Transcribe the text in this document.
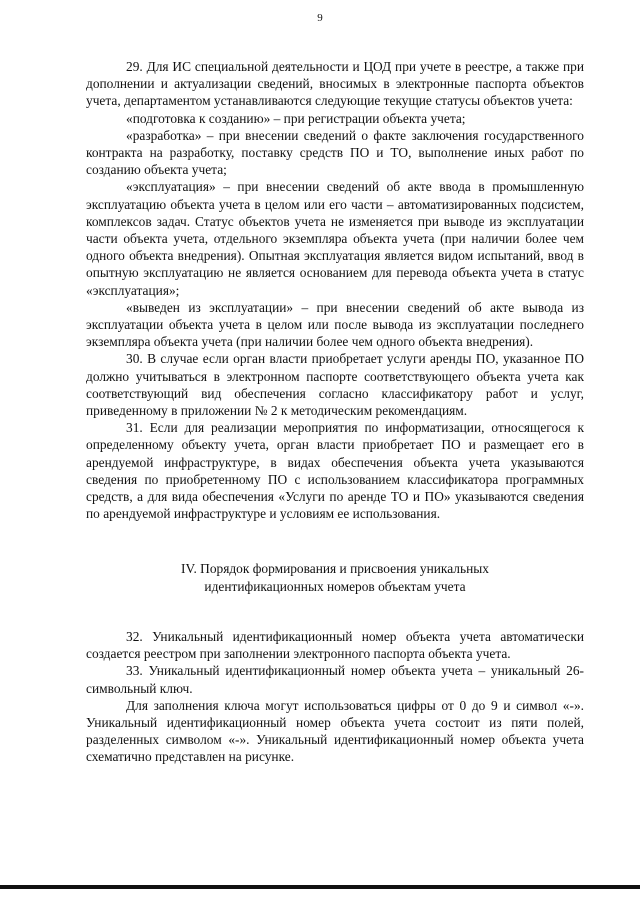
9

29. Для ИС специальной деятельности и ЦОД при учете в реестре, а также при дополнении и актуализации сведений, вносимых в электронные паспорта объектов учета, департаментом устанавливаются следующие текущие статусы объектов учета:

«подготовка к созданию» – при регистрации объекта учета;

«разработка» – при внесении сведений о факте заключения государственного контракта на разработку, поставку средств ПО и ТО, выполнение иных работ по созданию объекта учета;

«эксплуатация» – при внесении сведений об акте ввода в промышленную эксплуатацию объекта учета в целом или его части – автоматизированных подсистем, комплексов задач. Статус объектов учета не изменяется при выводе из эксплуатации части объекта учета, отдельного экземпляра объекта учета (при наличии более чем одного объекта внедрения). Опытная эксплуатация является видом испытаний, ввод в опытную эксплуатацию не является основанием для перевода объекта учета в статус «эксплуатация»;

«выведен из эксплуатации» – при внесении сведений об акте вывода из эксплуатации объекта учета в целом или после вывода из эксплуатации последнего экземпляра объекта учета (при наличии более чем одного объекта внедрения).

30. В случае если орган власти приобретает услуги аренды ПО, указанное ПО должно учитываться в электронном паспорте соответствующего объекта учета как соответствующий вид обеспечения согласно классификатору работ и услуг, приведенному в приложении № 2 к методическим рекомендациям.

31. Если для реализации мероприятия по информатизации, относящегося к определенному объекту учета, орган власти приобретает ПО и размещает его в арендуемой инфраструктуре, в видах обеспечения объекта учета указываются сведения по приобретенному ПО с использованием классификатора программных средств, а для вида обеспечения «Услуги по аренде ТО и ПО» указываются сведения по арендуемой инфраструктуре и условиям ее использования.

IV. Порядок формирования и присвоения уникальных
идентификационных номеров объектам учета

32. Уникальный идентификационный номер объекта учета автоматически создается реестром при заполнении электронного паспорта объекта учета.

33. Уникальный идентификационный номер объекта учета – уникальный 26-символьный ключ.

Для заполнения ключа могут использоваться цифры от 0 до 9 и символ «-». Уникальный идентификационный номер объекта учета состоит из пяти полей, разделенных символом «-». Уникальный идентификационный номер объекта учета схематично представлен на рисунке.
